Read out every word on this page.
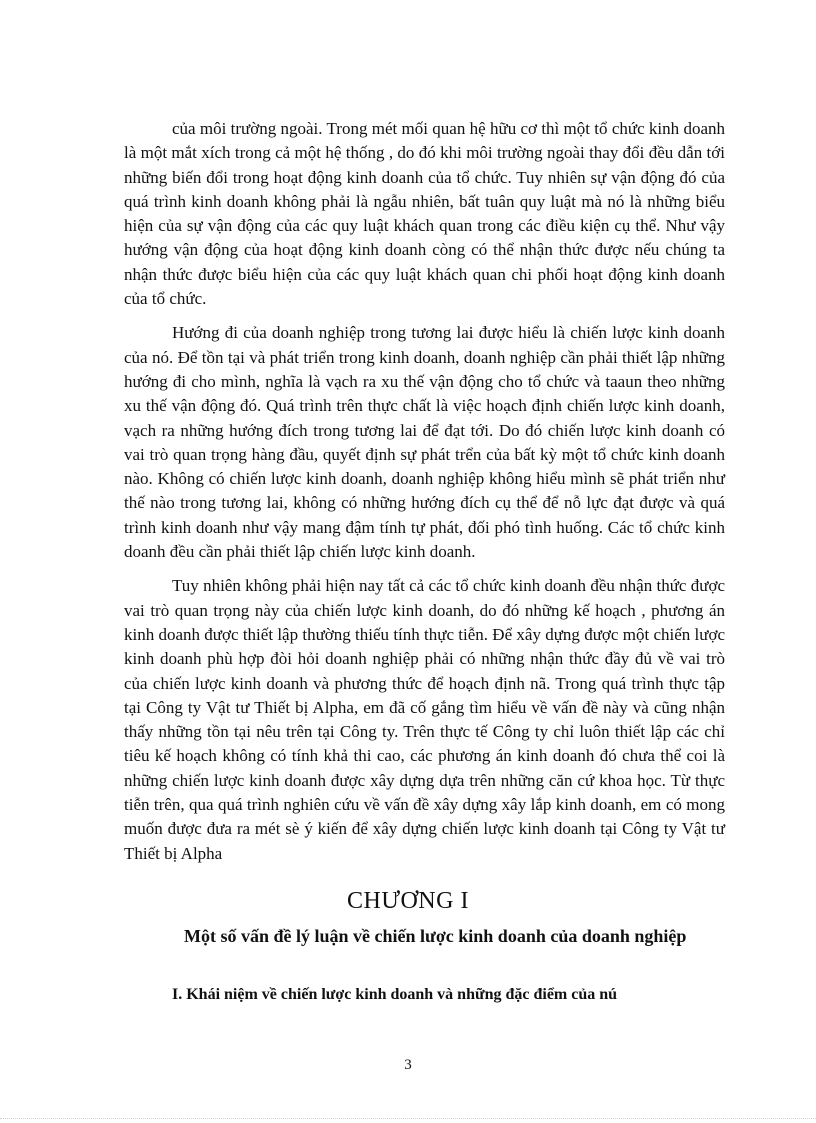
của môi trường ngoài. Trong mét mối quan hệ hữu cơ thì một tổ chức kinh doanh là một mắt xích trong cả một hệ thống , do đó khi môi trường ngoài thay đổi đều dẫn tới những biến đổi trong hoạt động kinh doanh của tổ chức. Tuy nhiên sự vận động đó của quá trình kinh doanh không phải là ngẫu nhiên, bất tuân quy luật mà nó là những biểu hiện của sự vận động của các quy luật khách quan trong các điều kiện cụ thể. Như vậy hướng vận động của hoạt động kinh doanh còng có thể nhận thức được nếu chúng ta nhận thức được biểu hiện của các quy luật khách quan chi phối hoạt động kinh doanh của tổ chức.

Hướng đi của doanh nghiệp trong tương lai được hiểu là chiến lược kinh doanh của nó. Để tồn tại và phát triển trong kinh doanh, doanh nghiệp cần phải thiết lập những hướng đi cho mình, nghĩa là vạch ra xu thế vận động cho tổ chức và taaun theo những xu thế vận động đó. Quá trình trên thực chất là việc hoạch định chiến lược kinh doanh, vạch ra những hướng đích trong tương lai để đạt tới. Do đó chiến lược kinh doanh có vai trò quan trọng hàng đầu, quyết định sự phát trển của bất kỳ một tổ chức kinh doanh nào. Không có chiến lược kinh doanh, doanh nghiệp không hiểu mình sẽ phát triển như thế nào trong tương lai, không có những hướng đích cụ thể để nỗ lực đạt được và quá trình kinh doanh như vậy mang đậm tính tự phát, đối phó tình huống. Các tổ chức kinh doanh đều cần phải thiết lập chiến lược kinh doanh.

Tuy nhiên không phải hiện nay tất cả các tổ chức kinh doanh đều nhận thức được vai trò quan trọng này của chiến lược kinh doanh, do đó những kế hoạch , phương án kinh doanh được thiết lập thường thiếu tính thực tiễn. Để xây dựng được một chiến lược kinh doanh phù hợp đòi hỏi doanh nghiệp phải có những nhận thức đầy đủ về vai trò của chiến lược kinh doanh và phương thức để hoạch định nã. Trong quá trình thực tập tại Công ty Vật tư Thiết bị Alpha, em đã cố gắng tìm hiểu về vấn đề này và cũng nhận thấy những tồn tại nêu trên tại Công ty. Trên thực tế Công ty chỉ luôn thiết lập các chỉ tiêu kế hoạch không có tính khả thi cao, các phương án kinh doanh đó chưa thể coi là những chiến lược kinh doanh được xây dựng dựa trên những căn cứ khoa học. Từ thực tiễn trên, qua quá trình nghiên cứu về vấn đề xây dựng xây lắp kinh doanh, em có mong muốn được đưa ra mét sè ý kiến để xây dựng chiến lược kinh doanh tại Công ty Vật tư Thiết bị Alpha

CHƯƠNG I
Một số vấn đề lý luận về chiến lược kinh doanh của doanh nghiệp
I. Khái niệm về chiến lược kinh doanh và những đặc điểm của nú

3
